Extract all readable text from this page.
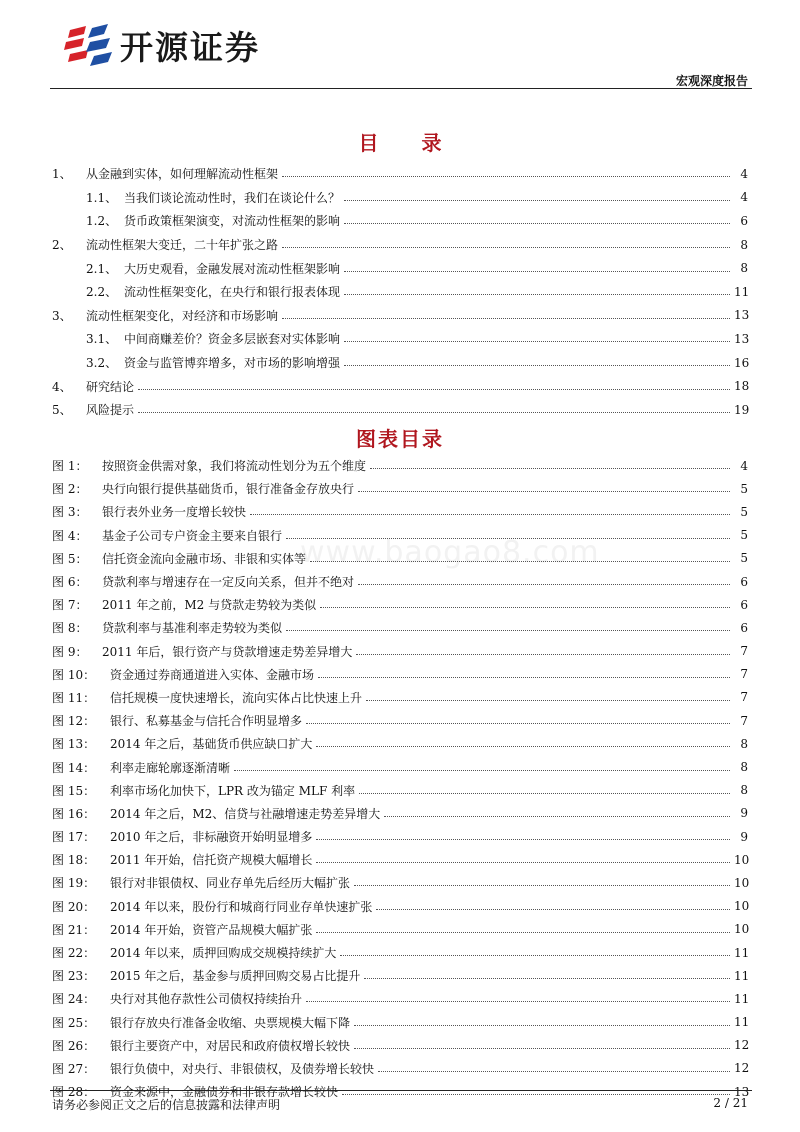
开源证券
宏观深度报告
目 录
1、	从金融到实体，如何理解流动性框架	4
1.1、 当我们谈论流动性时，我们在谈论什么？	4
1.2、 货币政策框架演变，对流动性框架的影响	6
2、	流动性框架大变迁，二十年扩张之路	8
2.1、 大历史观看，金融发展对流动性框架影响	8
2.2、 流动性框架变化，在央行和银行报表体现	11
3、	流动性框架变化，对经济和市场影响	13
3.1、 中间商赚差价？资金多层嵌套对实体影响	13
3.2、 资金与监管博弈增多，对市场的影响增强	16
4、	研究结论	18
5、	风险提示	19
图表目录
www.baogao8.com
图 1：	按照资金供需对象，我们将流动性划分为五个维度	4
图 2：	央行向银行提供基础货币，银行准备金存放央行	5
图 3：	银行表外业务一度增长较快	5
图 4：	基金子公司专户资金主要来自银行	5
图 5：	信托资金流向金融市场、非银和实体等	5
图 6：	贷款利率与增速存在一定反向关系，但并不绝对	6
图 7：	2011 年之前，M2 与贷款走势较为类似	6
图 8：	贷款利率与基准利率走势较为类似	6
图 9：	2011 年后，银行资产与贷款增速走势差异增大	7
图 10：	资金通过券商通道进入实体、金融市场	7
图 11：	信托规模一度快速增长，流向实体占比快速上升	7
图 12：	银行、私募基金与信托合作明显增多	7
图 13：	2014 年之后，基础货币供应缺口扩大	8
图 14：	利率走廊轮廓逐渐清晰	8
图 15：	利率市场化加快下，LPR 改为锚定 MLF 利率	8
图 16：	2014 年之后，M2、信贷与社融增速走势差异增大	9
图 17：	2010 年之后，非标融资开始明显增多	9
图 18：	2011 年开始，信托资产规模大幅增长	10
图 19：	银行对非银债权、同业存单先后经历大幅扩张	10
图 20：	2014 年以来，股份行和城商行同业存单快速扩张	10
图 21：	2014 年开始，资管产品规模大幅扩张	10
图 22：	2014 年以来，质押回购成交规模持续扩大	11
图 23：	2015 年之后，基金参与质押回购交易占比提升	11
图 24：	央行对其他存款性公司债权持续抬升	11
图 25：	银行存放央行准备金收缩、央票规模大幅下降	11
图 26：	银行主要资产中，对居民和政府债权增长较快	12
图 27：	银行负债中，对央行、非银债权，及债券增长较快	12
图 28：	资金来源中，金融债券和非银存款增长较快	13
请务必参阅正文之后的信息披露和法律声明	2 / 21
